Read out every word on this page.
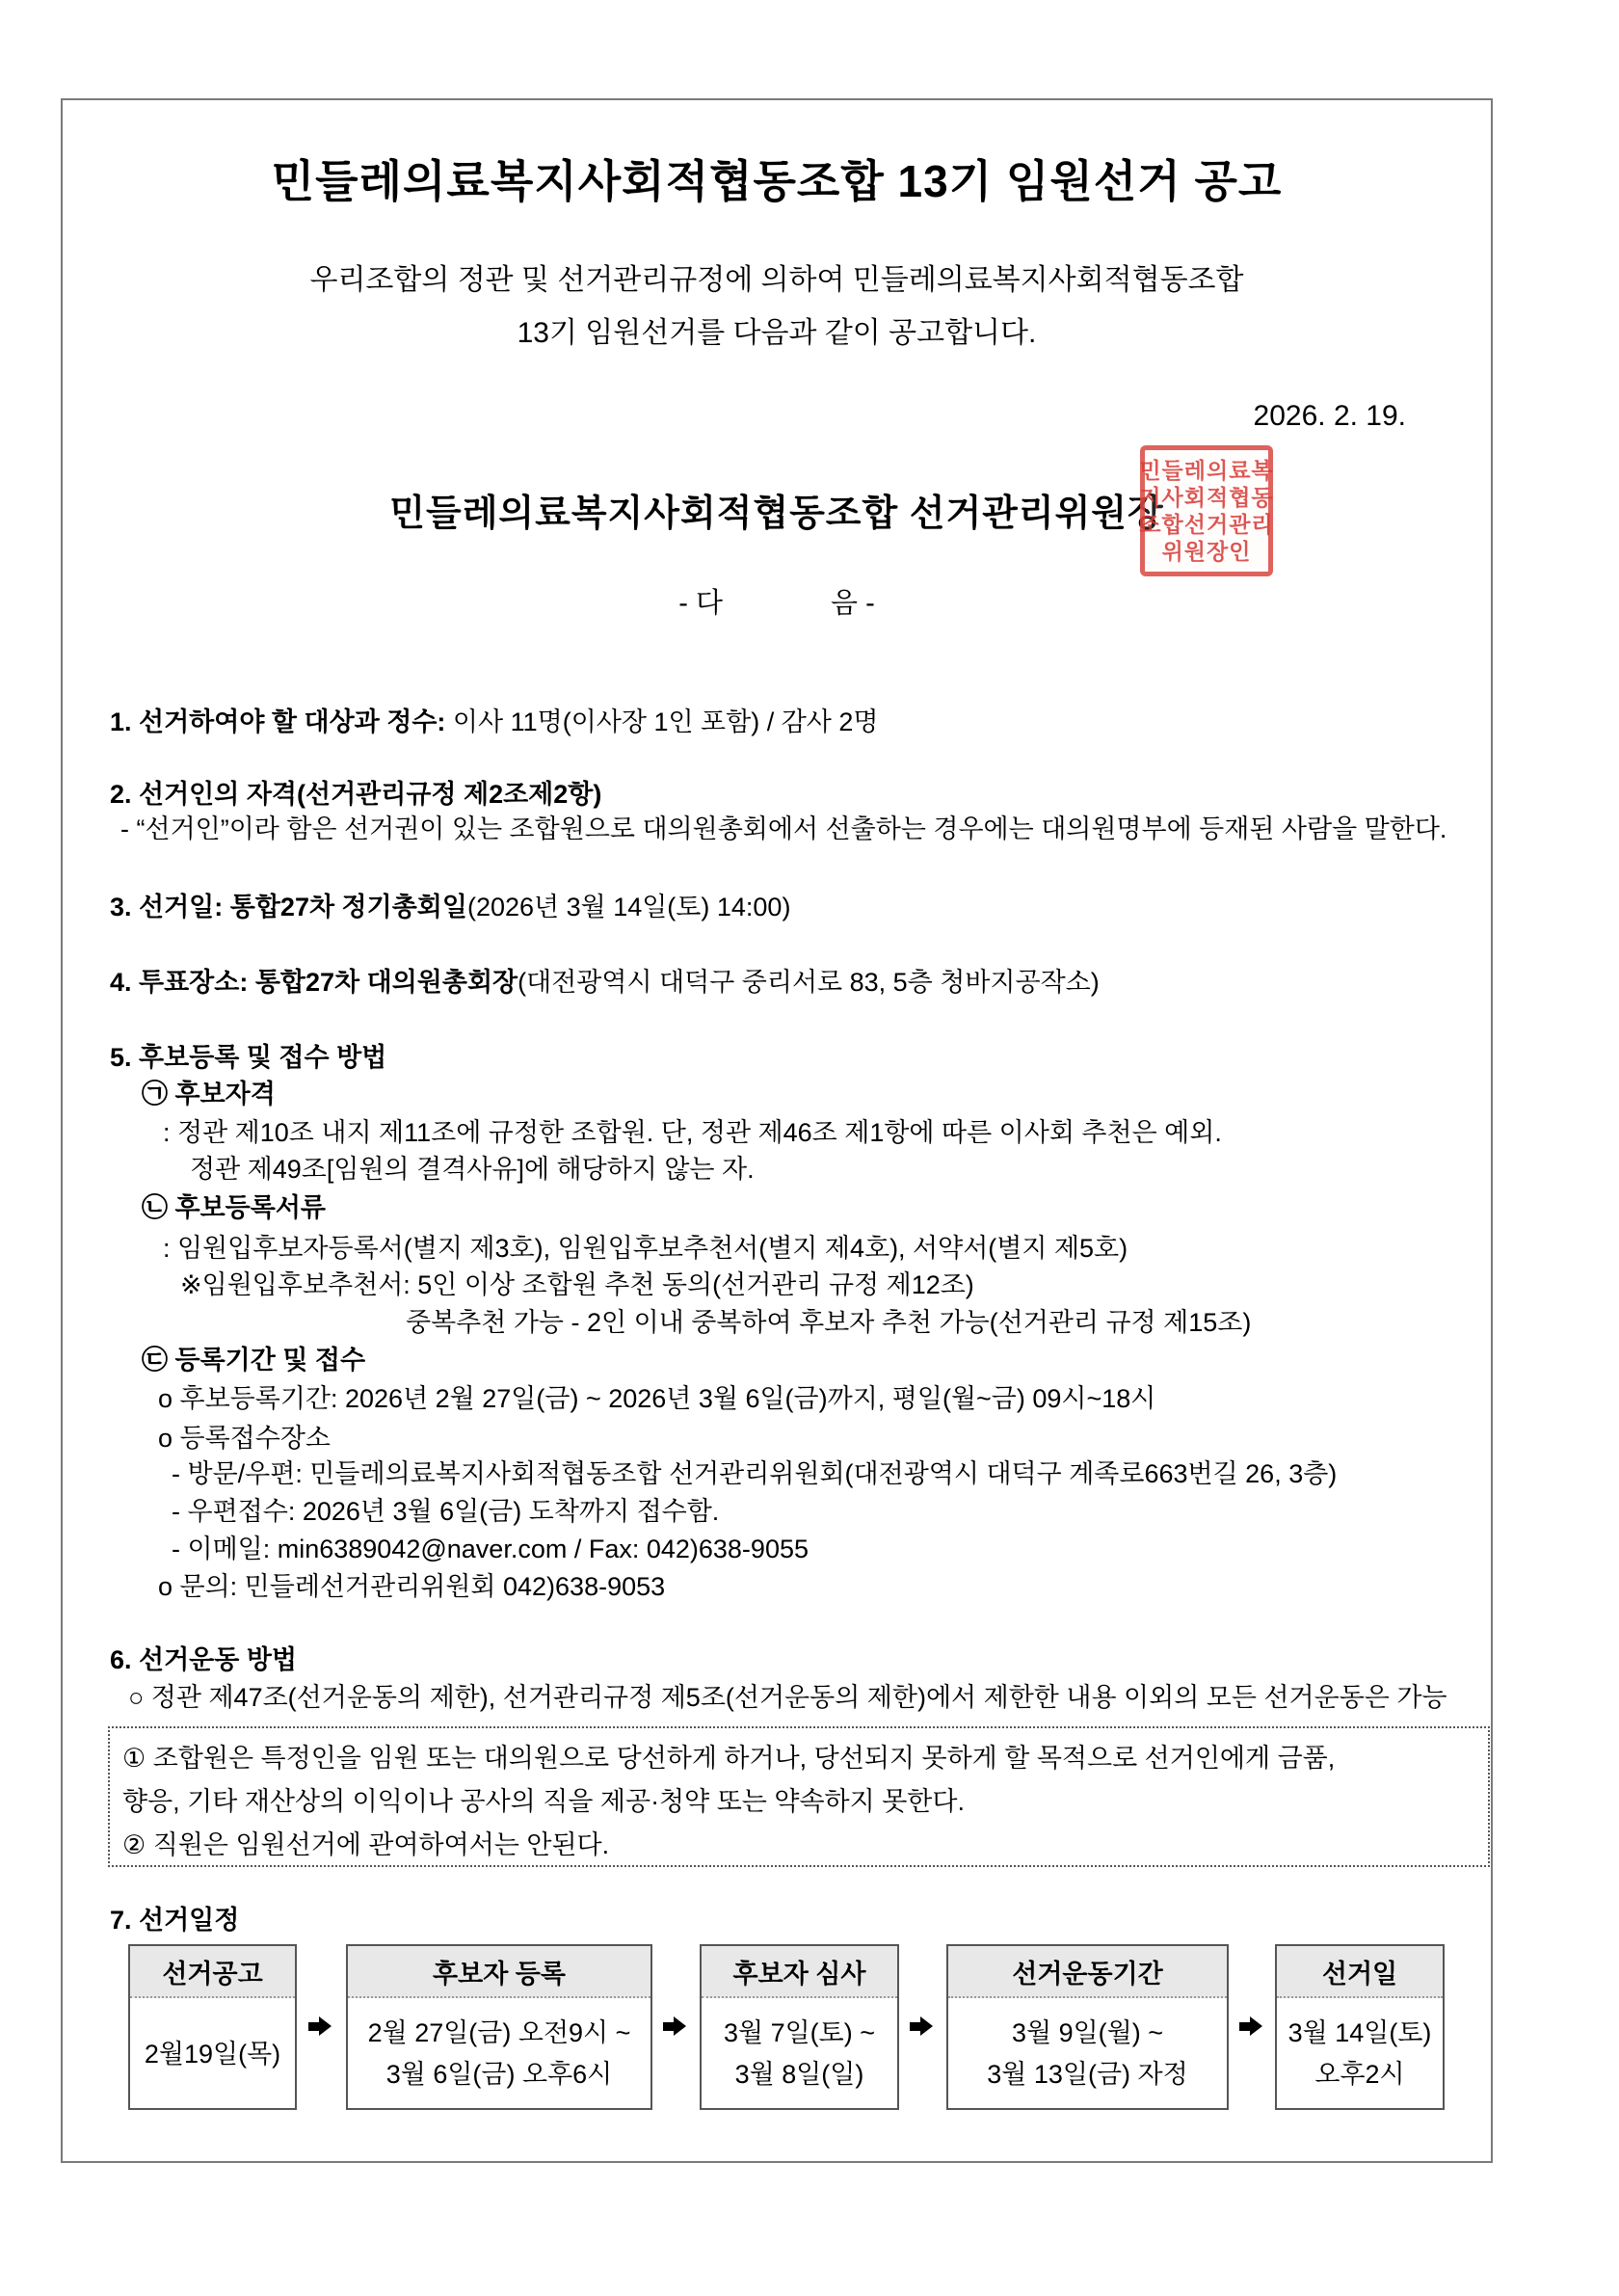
민들레의료복지사회적협동조합 13기 임원선거 공고
우리조합의 정관 및 선거관리규정에 의하여 민들레의료복지사회적협동조합
13기 임원선거를 다음과 같이 공고합니다.
2026. 2. 19.
민들레의료복지사회적협동조합 선거관리위원장
민들레의료복
지사회적협동
조합선거관리
위원장인
- 다	음 -
1. 선거하여야 할 대상과 정수: 이사 11명(이사장 1인 포함) / 감사 2명
2. 선거인의 자격(선거관리규정 제2조제2항)
- “선거인”이라 함은 선거권이 있는 조합원으로 대의원총회에서 선출하는 경우에는 대의원명부에 등재된 사람을 말한다.
3. 선거일: 통합27차 정기총회일(2026년 3월 14일(토) 14:00)
4. 투표장소: 통합27차 대의원총회장(대전광역시 대덕구 중리서로 83, 5층 청바지공작소)
5. 후보등록 및 접수 방법
㉠ 후보자격
: 정관 제10조 내지 제11조에 규정한 조합원. 단, 정관 제46조 제1항에 따른 이사회 추천은 예외.
정관 제49조[임원의 결격사유]에 해당하지 않는 자.
㉡ 후보등록서류
: 임원입후보자등록서(별지 제3호), 임원입후보추천서(별지 제4호), 서약서(별지 제5호)
※임원입후보추천서: 5인 이상 조합원 추천 동의(선거관리 규정 제12조)
중복추천 가능 - 2인 이내 중복하여 후보자 추천 가능(선거관리 규정 제15조)
㉢ 등록기간 및 접수
o 후보등록기간: 2026년 2월 27일(금) ~ 2026년 3월 6일(금)까지, 평일(월~금) 09시~18시
o 등록접수장소
- 방문/우편: 민들레의료복지사회적협동조합 선거관리위원회(대전광역시 대덕구 계족로663번길 26, 3층)
- 우편접수: 2026년 3월 6일(금) 도착까지 접수함.
- 이메일: min6389042@naver.com / Fax: 042)638-9055
o 문의: 민들레선거관리위원회 042)638-9053
6. 선거운동 방법
○ 정관 제47조(선거운동의 제한), 선거관리규정 제5조(선거운동의 제한)에서 제한한 내용 이외의 모든 선거운동은 가능
① 조합원은 특정인을 임원 또는 대의원으로 당선하게 하거나, 당선되지 못하게 할 목적으로 선거인에게 금품,
향응, 기타 재산상의 이익이나 공사의 직을 제공·청약 또는 약속하지 못한다.
② 직원은 임원선거에 관여하여서는 안된다.
7. 선거일정
선거공고
2월19일(목)
후보자 등록
2월 27일(금) 오전9시 ~
3월 6일(금) 오후6시
후보자 심사
3월 7일(토) ~
3월 8일(일)
선거운동기간
3월 9일(월) ~
3월 13일(금) 자정
선거일
3월 14일(토)
오후2시
